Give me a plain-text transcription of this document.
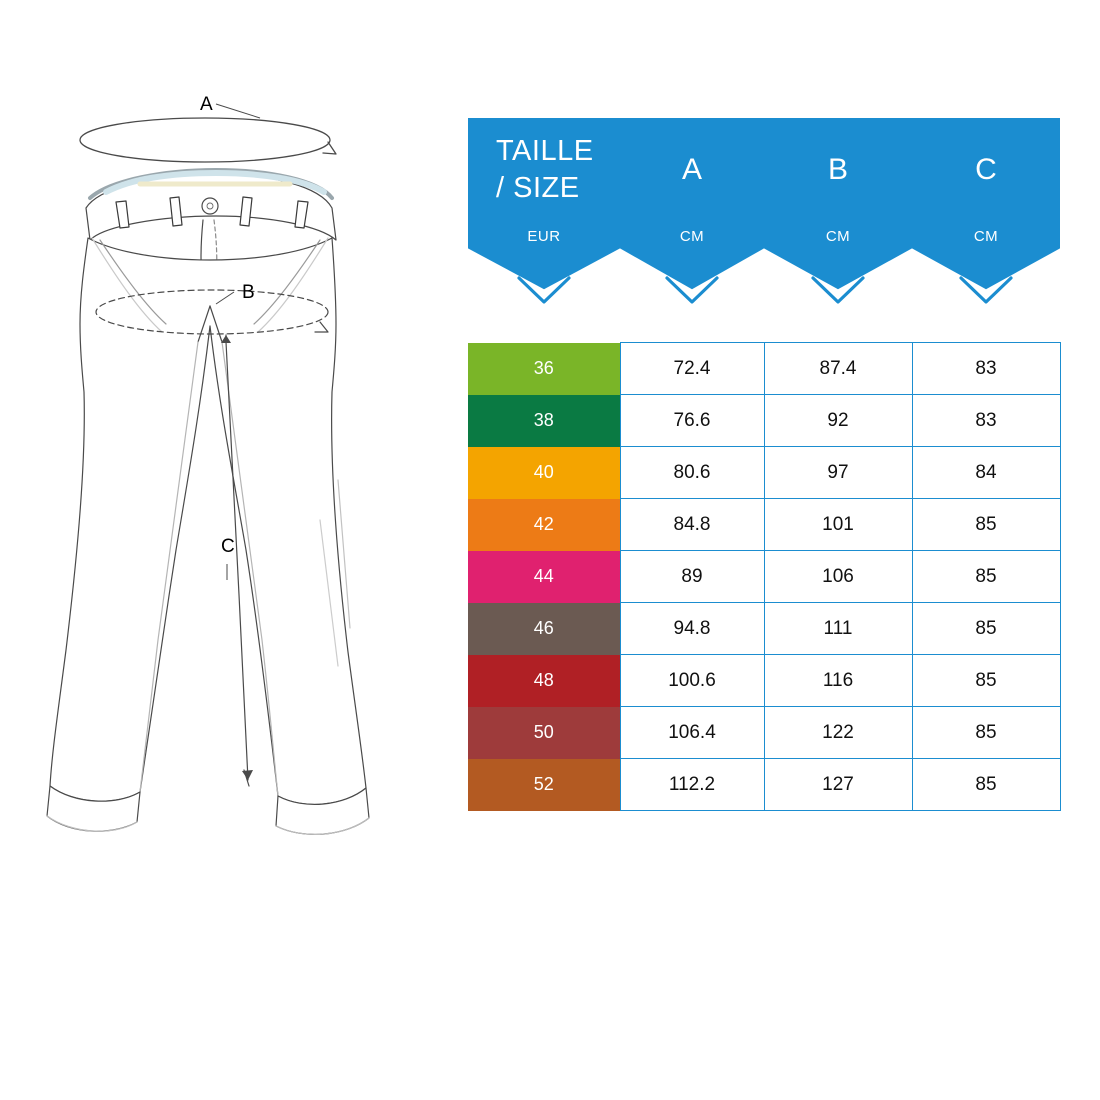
A
B
C
TAILLE
/ SIZE	A	B	C

EUR	CM	CM	CM

36	72.4	87.4	83
38	76.6	92	83
40	80.6	97	84
42	84.8	101	85
44	89	106	85
46	94.8	111	85
48	100.6	116	85
50	106.4	122	85
52	112.2	127	85
